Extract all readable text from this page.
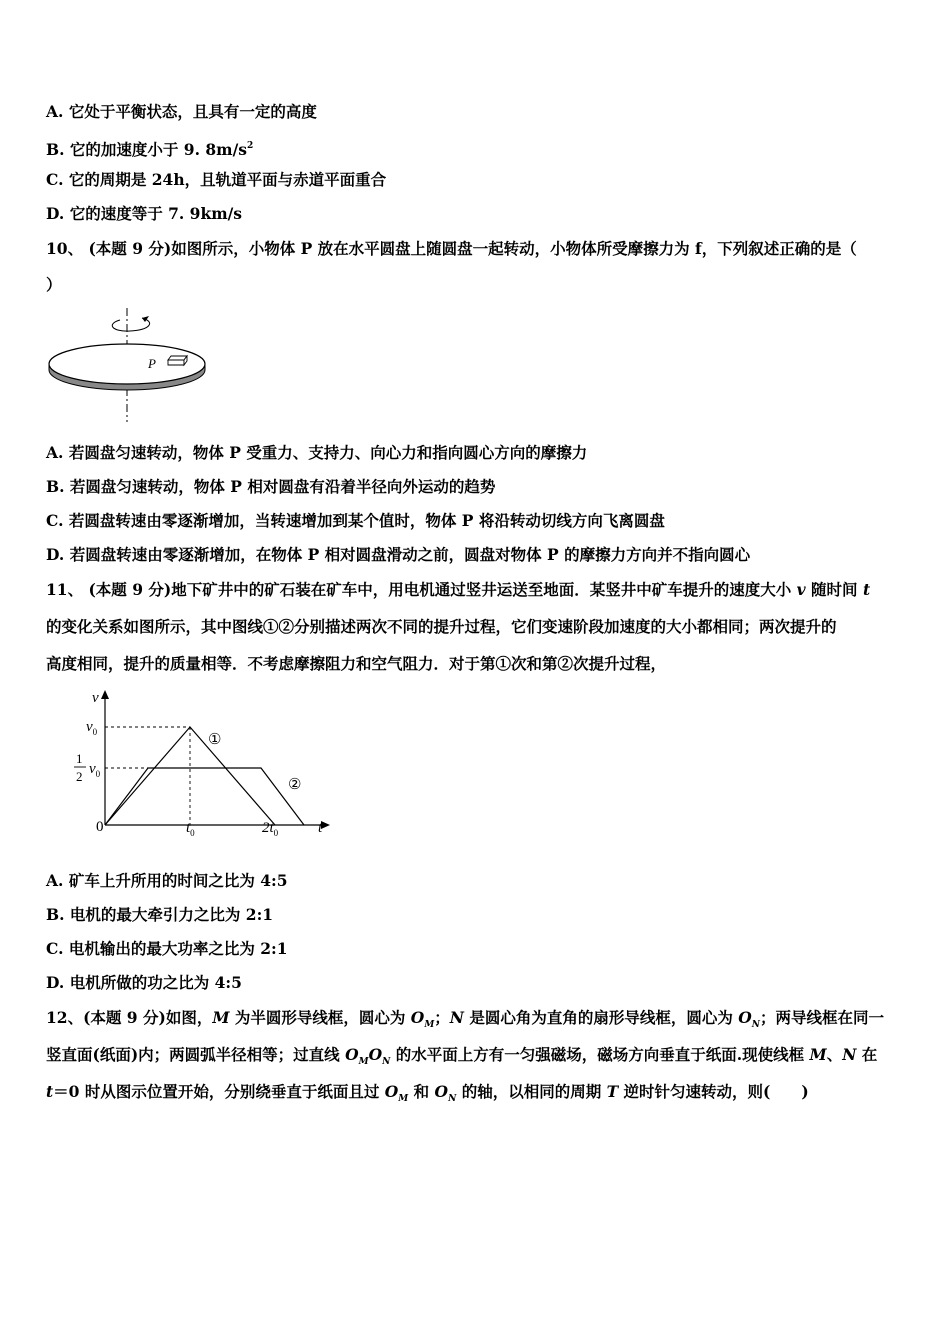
A. 它处于平衡状态，且具有一定的高度
B. 它的加速度小于 9. $8m/s^2$
C. 它的周期是 24h，且轨道平面与赤道平面重合
D. 它的速度等于 7. 9km/s
10、 (本题 9 分)如图所示，小物体 P 放在水平圆盘上随圆盘一起转动，小物体所受摩擦力为 f，下列叙述正确的是（
）
P
A. 若圆盘匀速转动，物体 P 受重力、支持力、向心力和指向圆心方向的摩擦力
B. 若圆盘匀速转动，物体 P 相对圆盘有沿着半径向外运动的趋势
C. 若圆盘转速由零逐渐增加，当转速增加到某个值时，物体 P 将沿转动切线方向飞离圆盘
D. 若圆盘转速由零逐渐增加，在物体 P 相对圆盘滑动之前，圆盘对物体 P 的摩擦力方向并不指向圆心
11、 (本题 9 分)地下矿井中的矿石装在矿车中，用电机通过竖井运送至地面．某竖井中矿车提升的速度大小 v 随时间 t
的变化关系如图所示，其中图线①②分别描述两次不同的提升过程，它们变速阶段加速度的大小都相同；两次提升的
高度相同，提升的质量相等．不考虑摩擦阻力和空气阻力．对于第①次和第②次提升过程，
v
t
0
$v_0$
1
2 $v_0$
$t_0$	$2t_0$
①
②
A. 矿车上升所用的时间之比为 4:5
B. 电机的最大牵引力之比为 2:1
C. 电机输出的最大功率之比为 2:1
D. 电机所做的功之比为 4:5
12、(本题 9 分)如图，M 为半圆形导线框，圆心为 $O_M$；N 是圆心角为直角的扇形导线框，圆心为 $O_N$；两导线框在同一
竖直面(纸面)内；两圆弧半径相等；过直线 $O_MO_N$ 的水平面上方有一匀强磁场，磁场方向垂直于纸面.现使线框 M、N 在
t＝0 时从图示位置开始，分别绕垂直于纸面且过 $O_M$ 和 $O_N$ 的轴，以相同的周期 T 逆时针匀速转动，则(　　)
